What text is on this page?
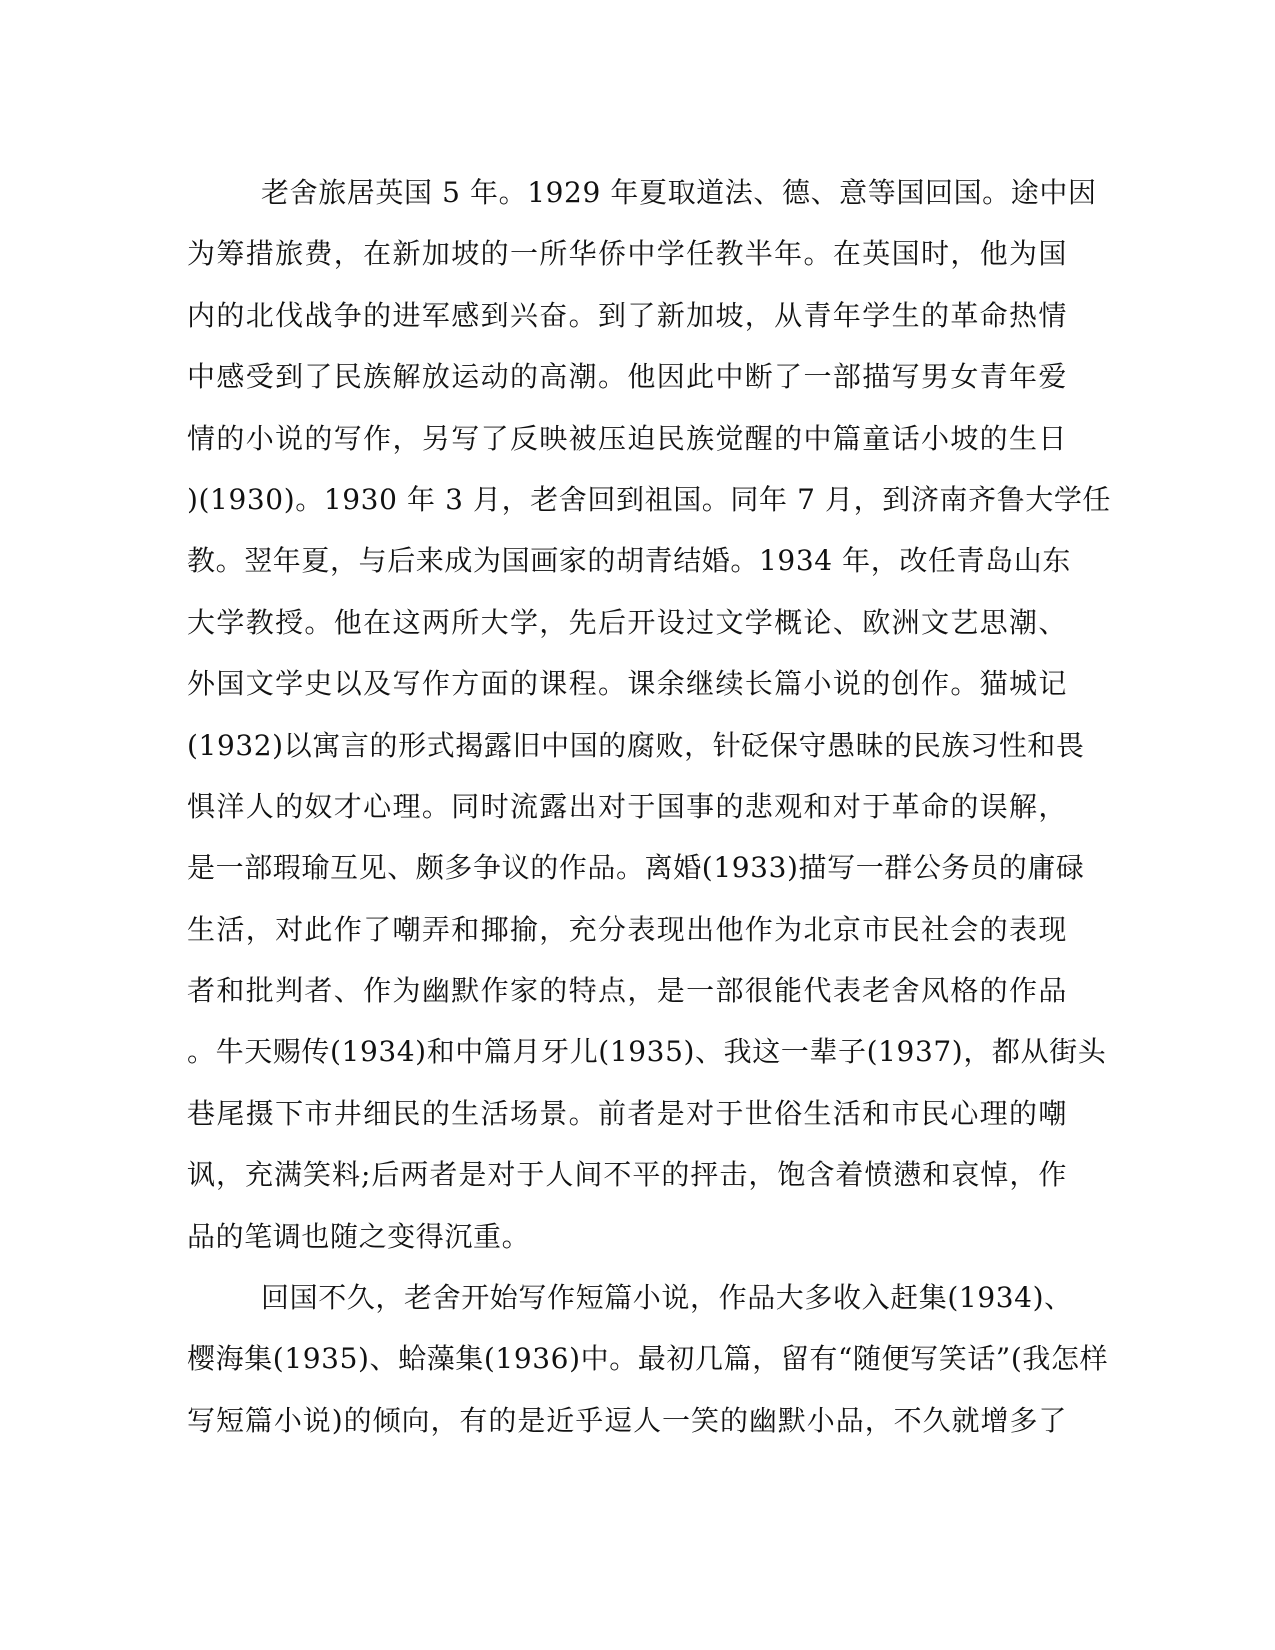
老舍旅居英国 5 年。1929 年夏取道法、德、意等国回国。途中因
为筹措旅费，在新加坡的一所华侨中学任教半年。在英国时，他为国
内的北伐战争的进军感到兴奋。到了新加坡，从青年学生的革命热情
中感受到了民族解放运动的高潮。他因此中断了一部描写男女青年爱
情的小说的写作，另写了反映被压迫民族觉醒的中篇童话小坡的生日
)(1930)。1930 年 3 月，老舍回到祖国。同年 7 月，到济南齐鲁大学任
教。翌年夏，与后来成为国画家的胡青结婚。1934 年，改任青岛山东
大学教授。他在这两所大学，先后开设过文学概论、欧洲文艺思潮、
外国文学史以及写作方面的课程。课余继续长篇小说的创作。猫城记
(1932)以寓言的形式揭露旧中国的腐败，针砭保守愚昧的民族习性和畏
惧洋人的奴才心理。同时流露出对于国事的悲观和对于革命的误解，
是一部瑕瑜互见、颇多争议的作品。离婚(1933)描写一群公务员的庸碌
生活，对此作了嘲弄和揶揄，充分表现出他作为北京市民社会的表现
者和批判者、作为幽默作家的特点，是一部很能代表老舍风格的作品
。牛天赐传(1934)和中篇月牙儿(1935)、我这一辈子(1937)，都从街头
巷尾摄下市井细民的生活场景。前者是对于世俗生活和市民心理的嘲
讽，充满笑料;后两者是对于人间不平的抨击，饱含着愤懑和哀悼，作
品的笔调也随之变得沉重。
回国不久，老舍开始写作短篇小说，作品大多收入赶集(1934)、
樱海集(1935)、蛤藻集(1936)中。最初几篇，留有“随便写笑话”(我怎样
写短篇小说)的倾向，有的是近乎逗人一笑的幽默小品，不久就增多了
